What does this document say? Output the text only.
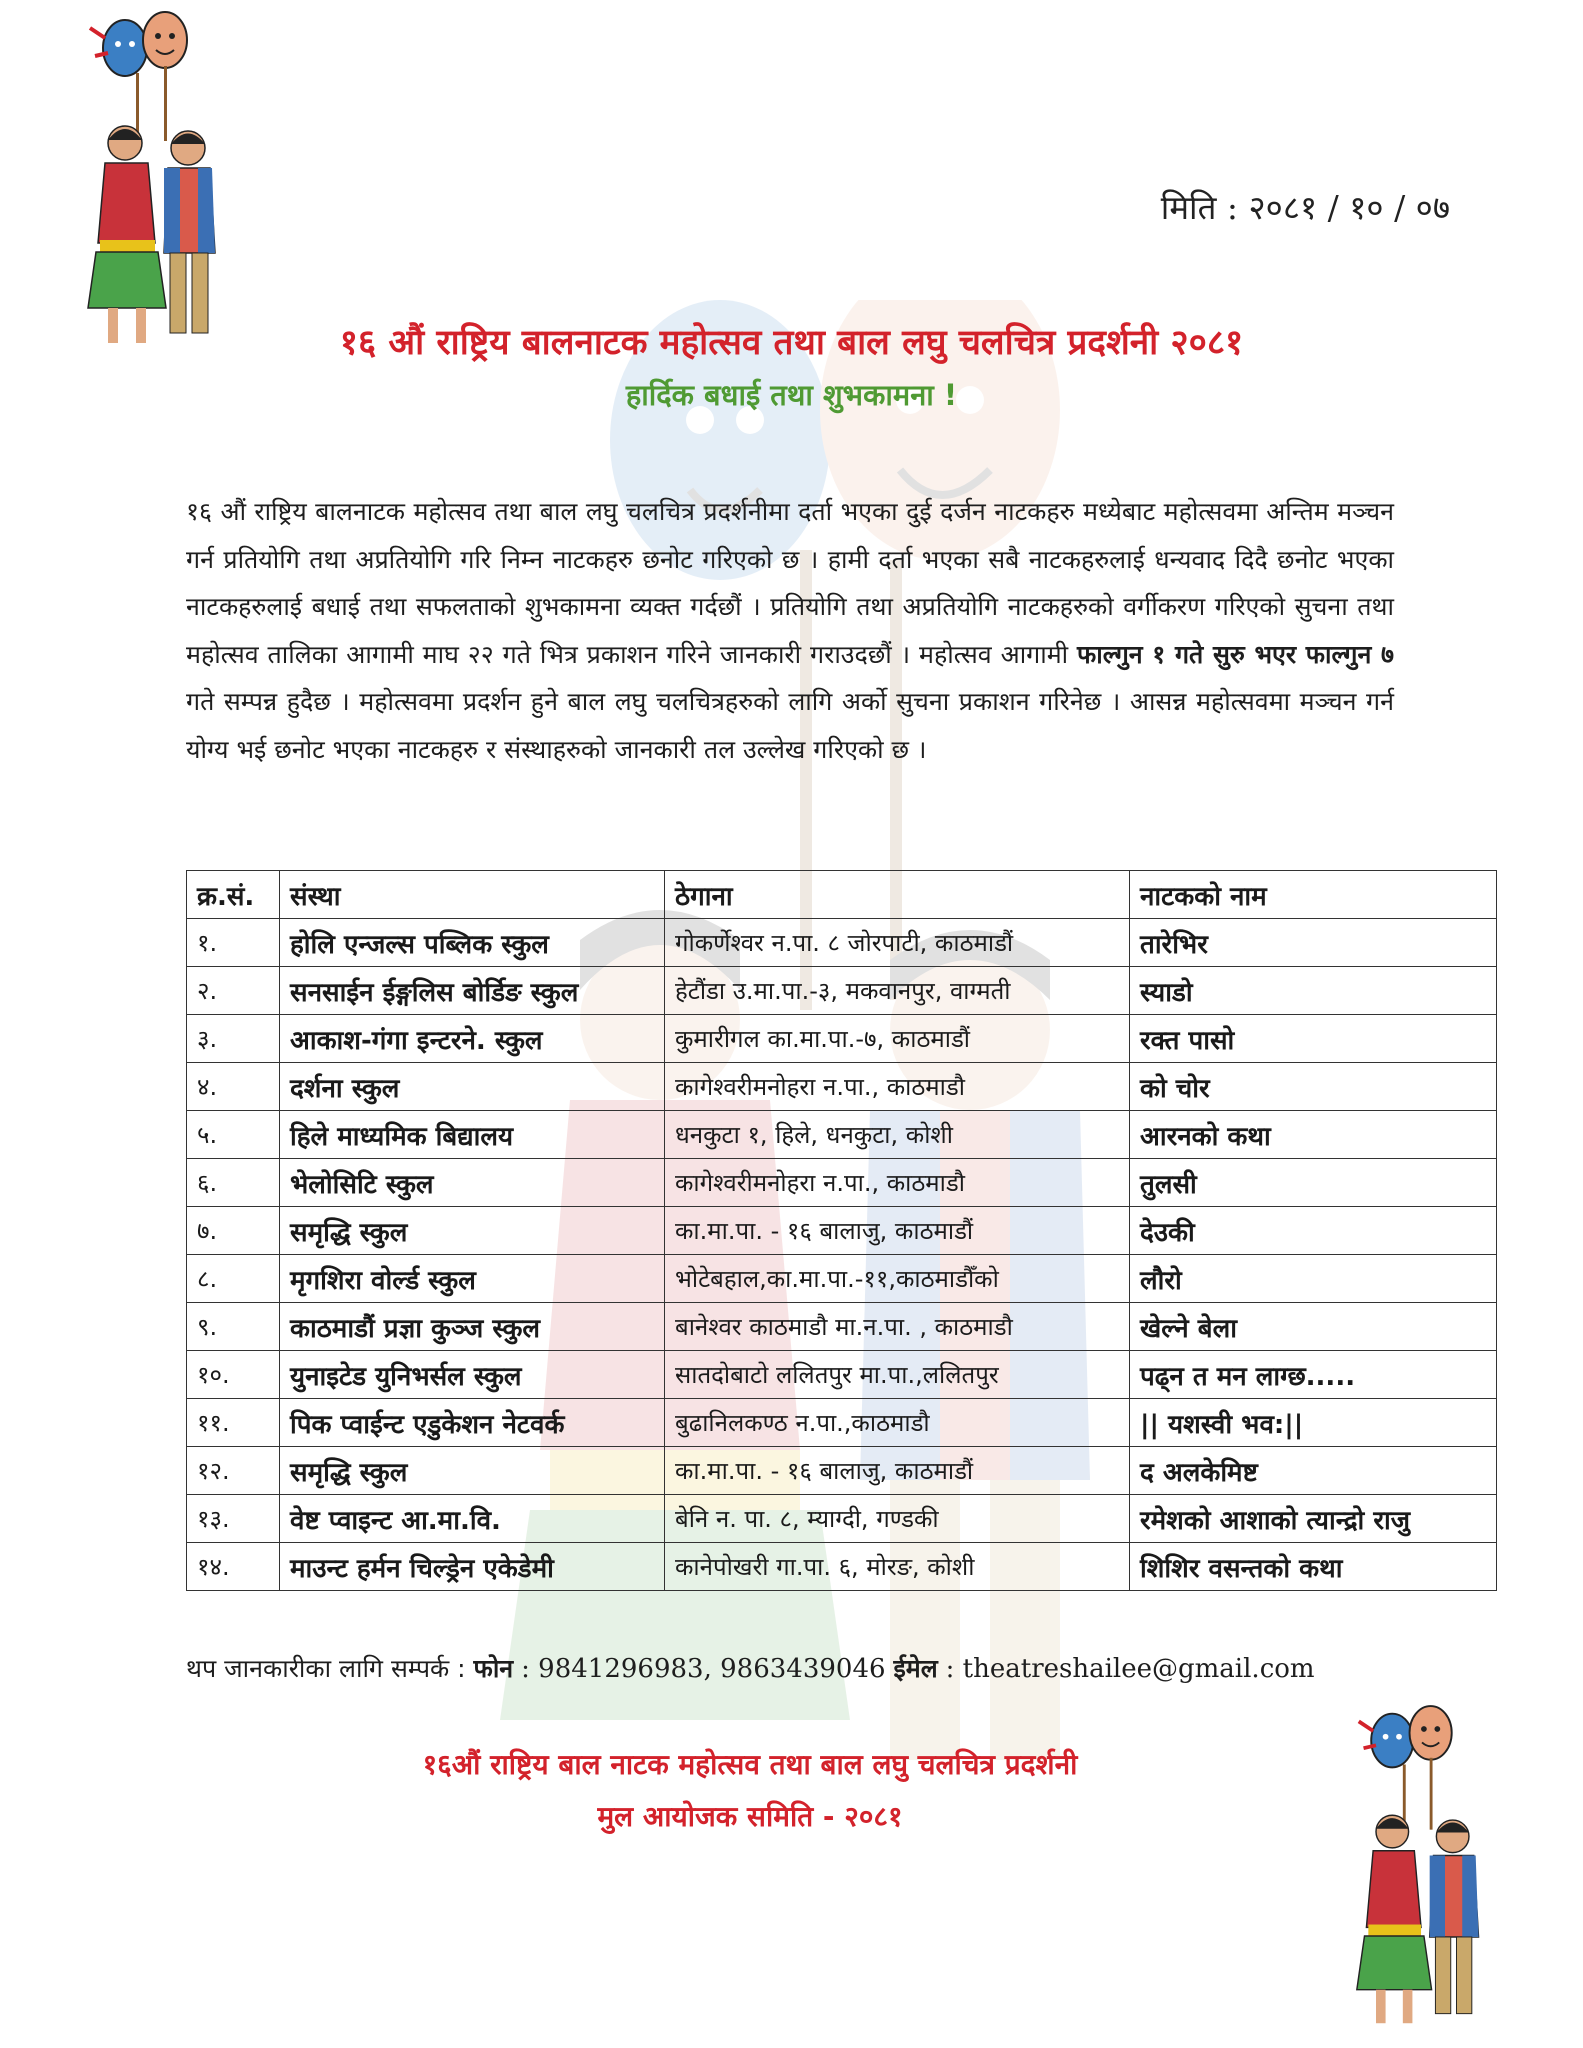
मिति : २०८१ / १० / ०७
१६ औं राष्ट्रिय बालनाटक महोत्सव तथा बाल लघु चलचित्र प्रदर्शनी २०८१
हार्दिक बधाई तथा शुभकामना !
१६ औं राष्ट्रिय बालनाटक महोत्सव तथा बाल लघु चलचित्र प्रदर्शनीमा दर्ता भएका दुई दर्जन नाटकहरु मध्येबाट महोत्सवमा अन्तिम मञ्चन गर्न प्रतियोगि तथा अप्रतियोगि गरि निम्न नाटकहरु छनोट गरिएको छ । हामी दर्ता भएका सबै नाटकहरुलाई धन्यवाद दिदै छनोट भएका नाटकहरुलाई बधाई तथा सफलताको शुभकामना व्यक्त गर्दछौं । प्रतियोगि तथा अप्रतियोगि नाटकहरुको वर्गीकरण गरिएको सुचना तथा महोत्सव तालिका आगामी माघ २२ गते भित्र प्रकाशन गरिने जानकारी गराउदछौं । महोत्सव आगामी फाल्गुन १ गते सुरु भएर फाल्गुन ७ गते सम्पन्न हुदैछ । महोत्सवमा प्रदर्शन हुने बाल लघु चलचित्रहरुको लागि अर्को सुचना प्रकाशन गरिनेछ । आसन्न महोत्सवमा मञ्चन गर्न योग्य भई छनोट भएका नाटकहरु र संस्थाहरुको जानकारी तल उल्लेख गरिएको छ ।
क्र.सं.	संस्था	ठेगाना	नाटकको नाम
१.	होलि एन्जल्स पब्लिक स्कुल	गोकर्णेश्वर न.पा. ८ जोरपाटी, काठमाडौं	तारेभिर
२.	सनसाईन ईङ्गलिस बोर्डिङ स्कुल	हेटौंडा उ.मा.पा.-३, मकवानपुर, वाग्मती	स्याडो
३.	आकाश-गंगा इन्टरने. स्कुल	कुमारीगल का.मा.पा.-७, काठमाडौं	रक्त पासो
४.	दर्शना स्कुल	कागेश्वरीमनोहरा न.पा., काठमाडौ	को चोर
५.	हिले माध्यमिक बिद्यालय	धनकुटा १, हिले, धनकुटा, कोशी	आरनको कथा
६.	भेलोसिटि स्कुल	कागेश्वरीमनोहरा न.पा., काठमाडौ	तुलसी
७.	समृद्धि स्कुल	का.मा.पा. - १६ बालाजु, काठमाडौं	देउकी
८.	मृगशिरा वोर्ल्ड स्कुल	भोटेबहाल,का.मा.पा.-११,काठमाडौँको	लौरो
९.	काठमाडौं प्रज्ञा कुञ्ज स्कुल	बानेश्वर काठमाडौ मा.न.पा. , काठमाडौ	खेल्ने बेला
१०.	युनाइटेड युनिभर्सल स्कुल	सातदोबाटो ललितपुर मा.पा.,ललितपुर	पढ्न त मन लाग्छ.....
११.	पिक प्वाईन्ट एडुकेशन नेटवर्क	बुढानिलकण्ठ न.पा.,काठमाडौ	|| यशस्वी भव:||
१२.	समृद्धि स्कुल	का.मा.पा. - १६ बालाजु, काठमाडौं	द अलकेमिष्ट
१३.	वेष्ट प्वाइन्ट आ.मा.वि.	बेनि न. पा. ८, म्याग्दी, गण्डकी	रमेशको आशाको त्यान्द्रो राजु
१४.	माउन्ट हर्मन चिल्ड्रेन एकेडेमी	कानेपोखरी गा.पा. ६, मोरङ, कोशी	शिशिर वसन्तको कथा
थप जानकारीका लागि सम्पर्क : फोन : 9841296983, 9863439046 ईमेल : theatreshailee@gmail.com
१६औं राष्ट्रिय बाल नाटक महोत्सव तथा बाल लघु चलचित्र प्रदर्शनी
मुल आयोजक समिति - २०८१
